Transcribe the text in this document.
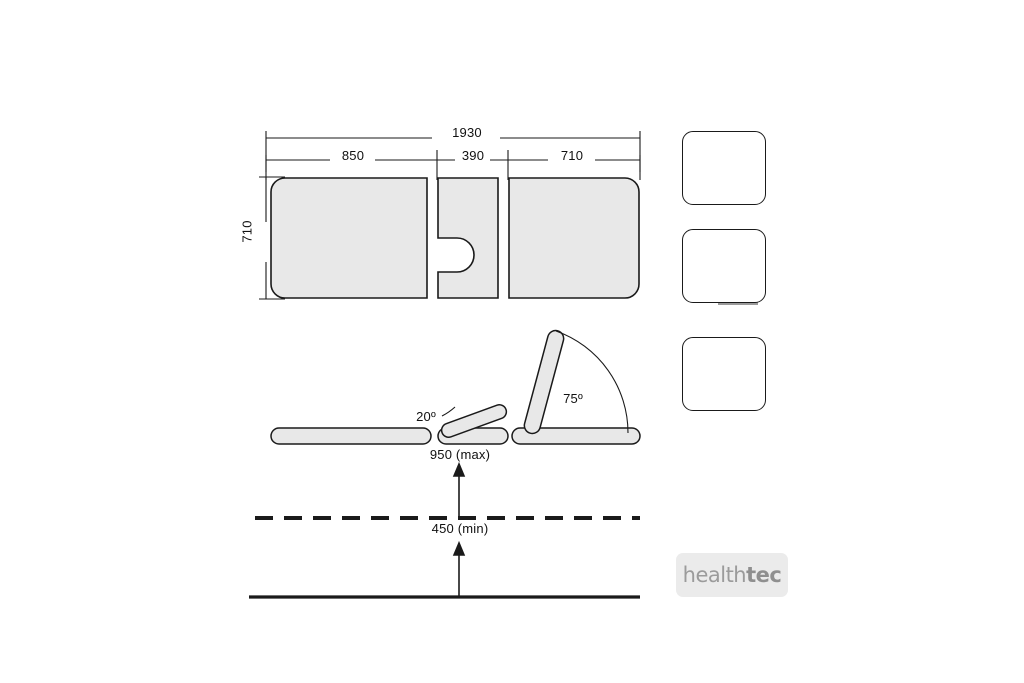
1930
850	390	710
710
75º
20º
950 (max)
450 (min)
healthtec
